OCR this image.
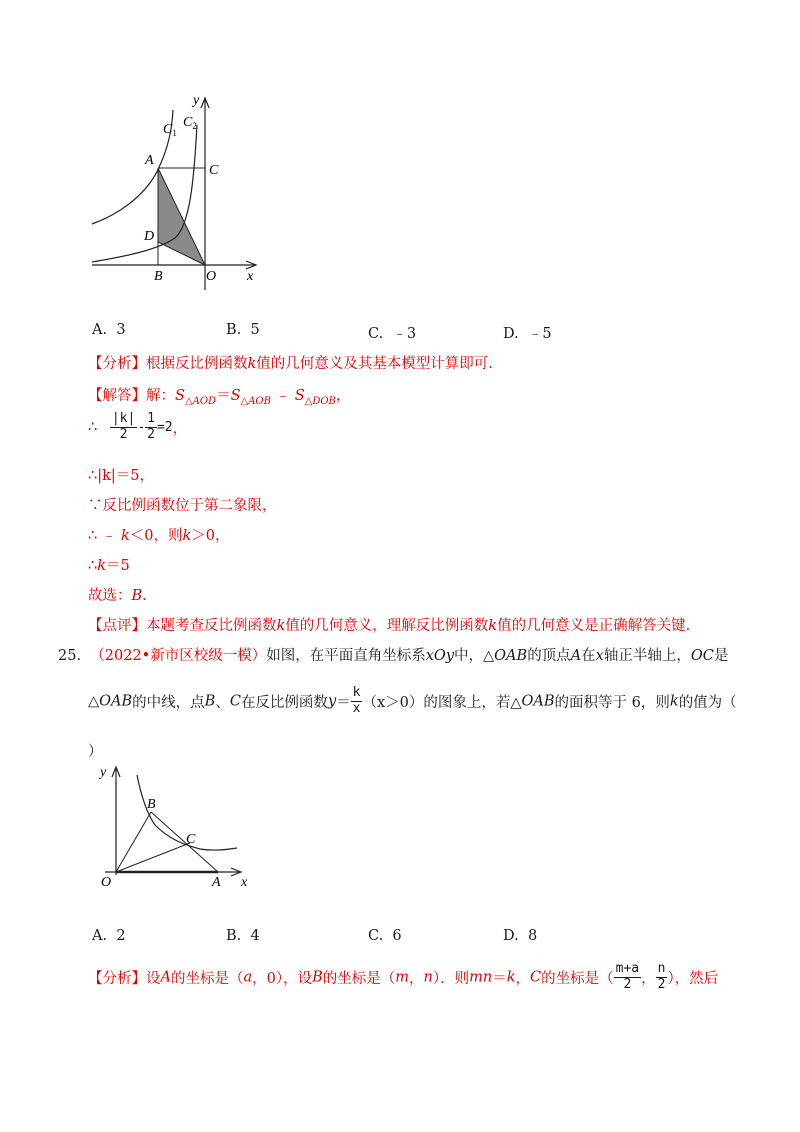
y
$C_1$
$C_2$
A
C
D
B	O x
A. 3	B. 5	C. ﹣3	D. ﹣5
【分析】根据反比例函数k值的几何意义及其基本模型计算即可.
【解答】解：$S_{\triangle AOD}=S_{\triangle AOB}$ ﹣ $S_{\triangle DOB}$，
∴ $\frac{|k|}{2} - \frac{1}{2} =2$，
∴|k|＝5，
∵反比例函数位于第二象限，
∴ ﹣ k＜0，则k＞0，
∴k＝5
故选：B.
【点评】本题考查反比例函数k值的几何意义，理解反比例函数k值的几何意义是正确解答关键.
25. （2022•新市区校级一模）如图，在平面直角坐标系xOy中，△OAB的顶点A在x轴正半轴上，OC是
△OAB的中线，点B、C在反比例函数$y= \frac{k}{x} (x>0)$的图象上，若△OAB的面积等于 6，则k的值为（
）
y
B
C
O	A x
A. 2	B. 4	C. 6	D. 8
【分析】设A的坐标是（a，0），设B的坐标是（m，n）．则mn＝k，C的坐标是（ $\frac{m+a}{2}$ ， $\frac{n}{2}$ ），然后
